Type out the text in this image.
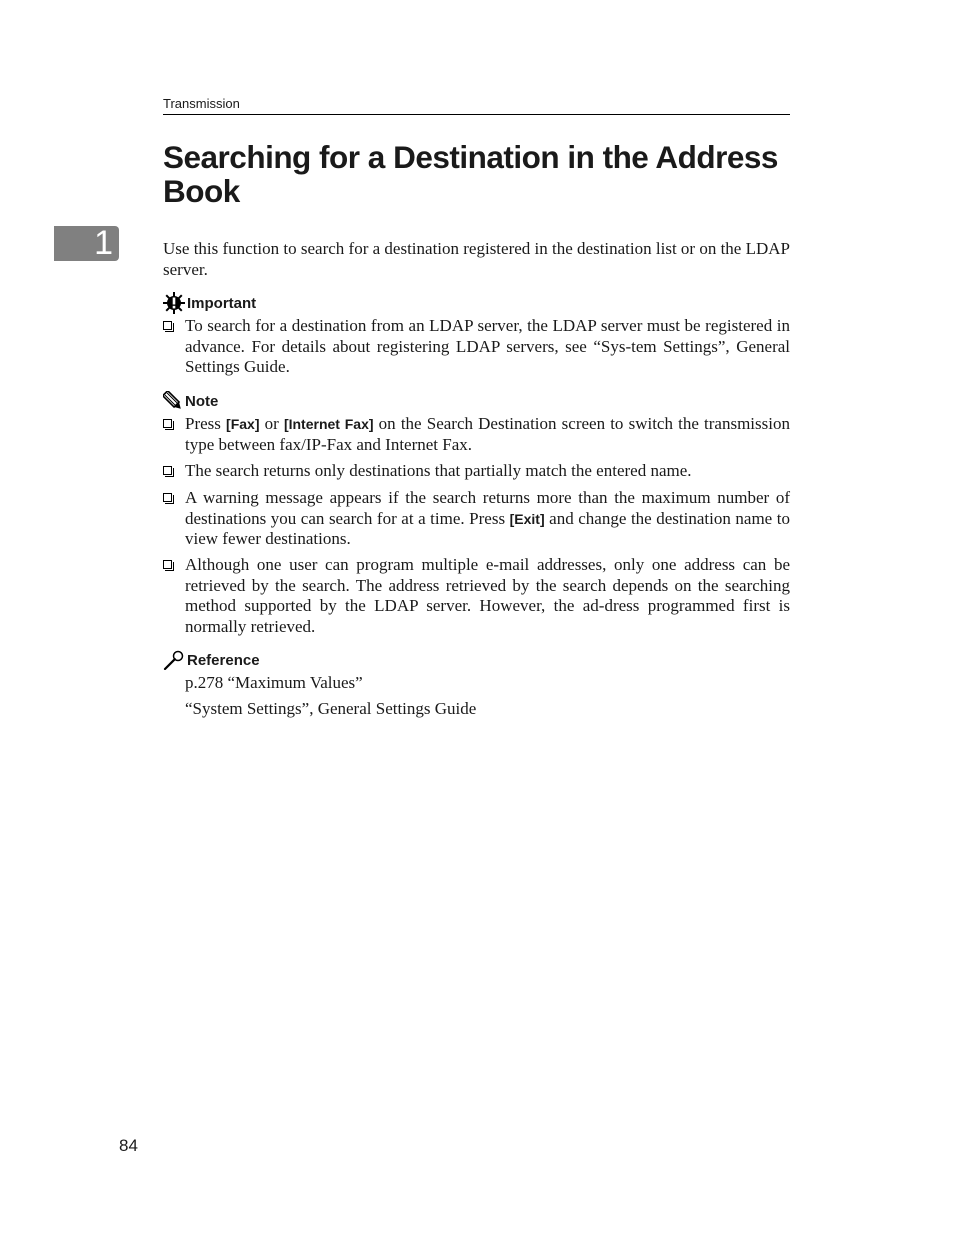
Transmission
Searching for a Destination in the Address Book
1	Use this function to search for a destination registered in the destination list or on the LDAP server.
Important
To search for a destination from an LDAP server, the LDAP server must be registered in advance. For details about registering LDAP servers, see “Sys-tem Settings”, General Settings Guide.
Note
Press [Fax] or [Internet Fax] on the Search Destination screen to switch the transmission type between fax/IP-Fax and Internet Fax.
The search returns only destinations that partially match the entered name.
A warning message appears if the search returns more than the maximum number of destinations you can search for at a time. Press [Exit] and change the destination name to view fewer destinations.
Although one user can program multiple e-mail addresses, only one address can be retrieved by the search. The address retrieved by the search depends on the searching method supported by the LDAP server. However, the ad-dress programmed first is normally retrieved.
Reference
p.278 “Maximum Values”
“System Settings”, General Settings Guide
84
